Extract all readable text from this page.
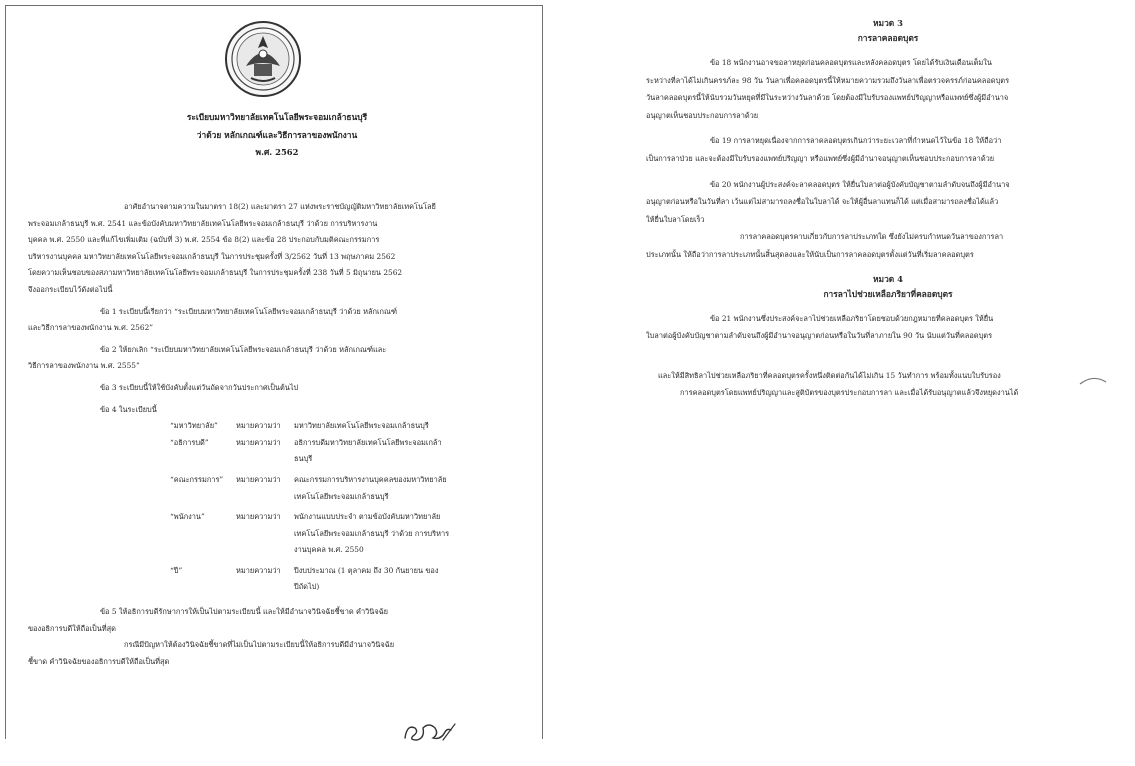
ระเบียบมหาวิทยาลัยเทคโนโลยีพระจอมเกล้าธนบุรี
ว่าด้วย หลักเกณฑ์และวิธีการลาของพนักงาน
พ.ศ. 2562

อาศัยอำนาจตามความในมาตรา 18(2) และมาตรา 27 แห่งพระราชบัญญัติมหาวิทยาลัยเทคโนโลยี

พระจอมเกล้าธนบุรี พ.ศ. 2541 และข้อบังคับมหาวิทยาลัยเทคโนโลยีพระจอมเกล้าธนบุรี ว่าด้วย การบริหารงาน

บุคคล พ.ศ. 2550 และที่แก้ไขเพิ่มเติม (ฉบับที่ 3) พ.ศ. 2554 ข้อ 8(2) และข้อ 28 ประกอบกับมติคณะกรรมการ

บริหารงานบุคคล มหาวิทยาลัยเทคโนโลยีพระจอมเกล้าธนบุรี ในการประชุมครั้งที่ 3/2562 วันที่ 13 พฤษภาคม 2562

โดยความเห็นชอบของสภามหาวิทยาลัยเทคโนโลยีพระจอมเกล้าธนบุรี ในการประชุมครั้งที่ 238 วันที่ 5 มิถุนายน 2562

จึงออกระเบียบไว้ดังต่อไปนี้

ข้อ 1 ระเบียบนี้เรียกว่า “ระเบียบมหาวิทยาลัยเทคโนโลยีพระจอมเกล้าธนบุรี ว่าด้วย หลักเกณฑ์

และวิธีการลาของพนักงาน พ.ศ. 2562”

ข้อ 2 ให้ยกเลิก “ระเบียบมหาวิทยาลัยเทคโนโลยีพระจอมเกล้าธนบุรี ว่าด้วย หลักเกณฑ์และ

วิธีการลาของพนักงาน พ.ศ. 2555”

ข้อ 3 ระเบียบนี้ให้ใช้บังคับตั้งแต่วันถัดจากวันประกาศเป็นต้นไป

ข้อ 4 ในระเบียบนี้

“มหาวิทยาลัย”	หมายความว่า	มหาวิทยาลัยเทคโนโลยีพระจอมเกล้าธนบุรี
“อธิการบดี”	หมายความว่า	อธิการบดีมหาวิทยาลัยเทคโนโลยีพระจอมเกล้า
ธนบุรี
“คณะกรรมการ”	หมายความว่า	คณะกรรมการบริหารงานบุคคลของมหาวิทยาลัย
เทคโนโลยีพระจอมเกล้าธนบุรี
“พนักงาน”	หมายความว่า	พนักงานแบบประจำ ตามข้อบังคับมหาวิทยาลัย
เทคโนโลยีพระจอมเกล้าธนบุรี ว่าด้วย การบริหาร
งานบุคคล พ.ศ. 2550
“ปี”	หมายความว่า	ปีงบประมาณ (1 ตุลาคม ถึง 30 กันยายน ของ
ปีถัดไป)

ข้อ 5 ให้อธิการบดีรักษาการให้เป็นไปตามระเบียบนี้ และให้มีอำนาจวินิจฉัยชี้ขาด คำวินิจฉัย

ของอธิการบดีให้ถือเป็นที่สุด

กรณีมีปัญหาให้ต้องวินิจฉัยชี้ขาดที่ไม่เป็นไปตามระเบียบนี้ให้อธิการบดีมีอำนาจวินิจฉัย

ชี้ขาด คำวินิจฉัยของอธิการบดีให้ถือเป็นที่สุด

หมวด 3
การลาคลอดบุตร

ข้อ 18 พนักงานอาจขอลาหยุดก่อนคลอดบุตรและหลังคลอดบุตร โดยได้รับเงินเดือนเต็มใน

ระหว่างที่ลาได้ไม่เกินครรภ์ละ 98 วัน วันลาเพื่อคลอดบุตรนี้ให้หมายความรวมถึงวันลาเพื่อตรวจครรภ์ก่อนคลอดบุตร

วันลาคลอดบุตรนี้ให้นับรวมวันหยุดที่มีในระหว่างวันลาด้วย โดยต้องมีใบรับรองแพทย์ปริญญาหรือแพทย์ซึ่งผู้มีอำนาจ

อนุญาตเห็นชอบประกอบการลาด้วย

ข้อ 19 การลาหยุดเนื่องจากการลาคลอดบุตรเกินกว่าระยะเวลาที่กำหนดไว้ในข้อ 18 ให้ถือว่า

เป็นการลาป่วย และจะต้องมีใบรับรองแพทย์ปริญญา หรือแพทย์ซึ่งผู้มีอำนาจอนุญาตเห็นชอบประกอบการลาด้วย

ข้อ 20 พนักงานผู้ประสงค์จะลาคลอดบุตร ให้ยื่นใบลาต่อผู้บังคับบัญชาตามลำดับจนถึงผู้มีอำนาจ

อนุญาตก่อนหรือในวันที่ลา เว้นแต่ไม่สามารถลงชื่อในใบลาได้ จะให้ผู้อื่นลาแทนก็ได้ แต่เมื่อสามารถลงชื่อได้แล้ว

ให้ยื่นใบลาโดยเร็ว

การลาคลอดบุตรคาบเกี่ยวกับการลาประเภทใด ซึ่งยังไม่ครบกำหนดวันลาของการลา

ประเภทนั้น ให้ถือว่าการลาประเภทนั้นสิ้นสุดลงและให้นับเป็นการลาคลอดบุตรตั้งแต่วันที่เริ่มลาคลอดบุตร

หมวด 4
การลาไปช่วยเหลือภริยาที่คลอดบุตร

ข้อ 21 พนักงานซึ่งประสงค์จะลาไปช่วยเหลือภริยาโดยชอบด้วยกฎหมายที่คลอดบุตร ให้ยื่น

ใบลาต่อผู้บังคับบัญชาตามลำดับจนถึงผู้มีอำนาจอนุญาตก่อนหรือในวันที่ลาภายใน 90 วัน นับแต่วันที่คลอดบุตร

และให้มีสิทธิลาไปช่วยเหลือภริยาที่คลอดบุตรครั้งหนึ่งติดต่อกันได้ไม่เกิน 15 วันทำการ พร้อมทั้งแนบใบรับรอง

การคลอดบุตรโดยแพทย์ปริญญาและสูติบัตรของบุตรประกอบการลา และเมื่อได้รับอนุญาตแล้วจึงหยุดงานได้
